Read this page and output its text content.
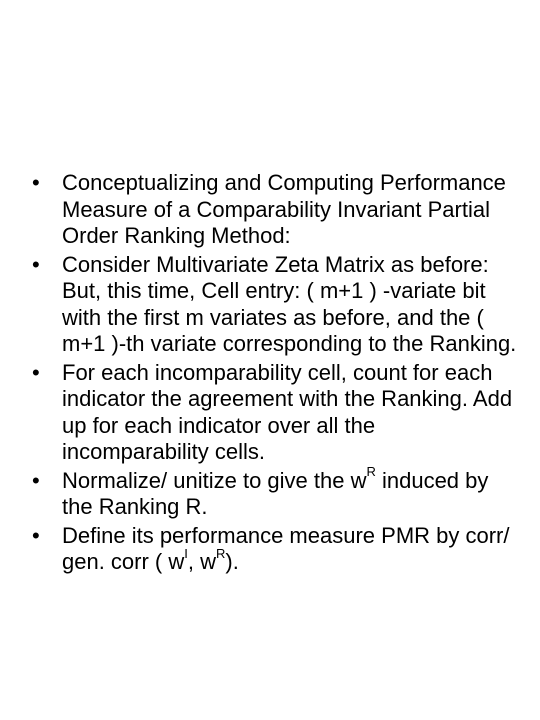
• Conceptualizing and Computing Performance Measure of a Comparability Invariant Partial Order Ranking Method:
• Consider Multivariate Zeta Matrix as before: But, this time, Cell entry: ( m+1 ) -variate bit with the first m variates as before, and the ( m+1 )-th variate corresponding to the Ranking.
• For each incomparability cell, count for each indicator the agreement with the Ranking. Add up for each indicator over all the incomparability cells.
• Normalize/ unitize to give the $w^R$ induced by the Ranking R.
• Define its performance measure PMR by corr/ gen. corr ( $w^I$, $w^R$).
